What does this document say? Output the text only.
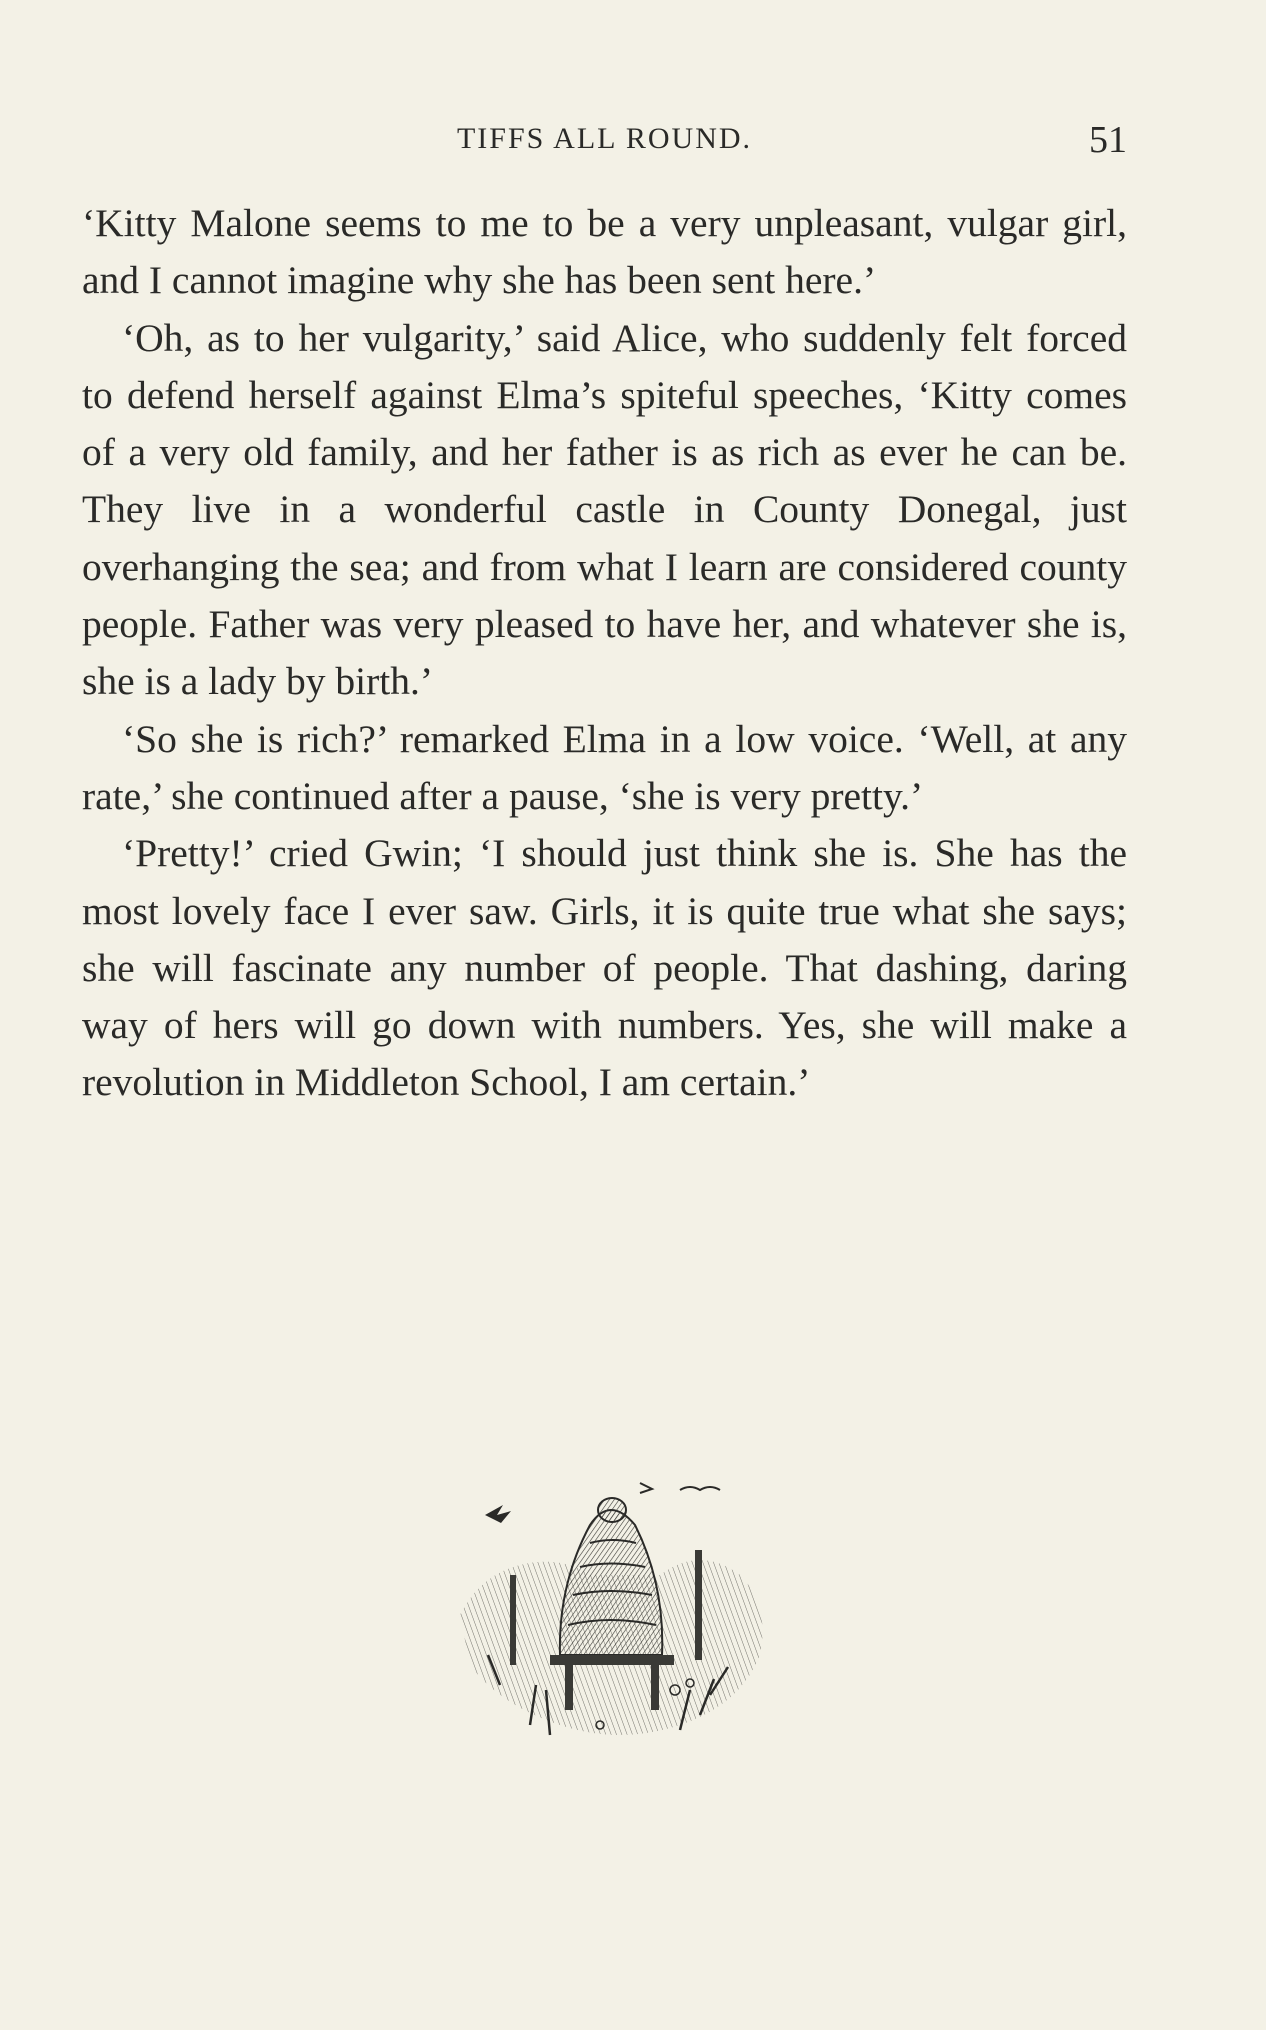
TIFFS ALL ROUND.	51

‘Kitty Malone seems to me to be a very unpleasant, vulgar girl, and I cannot imagine why she has been sent here.’

‘Oh, as to her vulgarity,’ said Alice, who suddenly felt forced to defend herself against Elma’s spiteful speeches, ‘Kitty comes of a very old family, and her father is as rich as ever he can be. They live in a wonderful castle in County Donegal, just overhanging the sea; and from what I learn are considered county people. Father was very pleased to have her, and whatever she is, she is a lady by birth.’

‘So she is rich?’ remarked Elma in a low voice. ‘Well, at any rate,’ she continued after a pause, ‘she is very pretty.’

‘Pretty!’ cried Gwin; ‘I should just think she is. She has the most lovely face I ever saw. Girls, it is quite true what she says; she will fascinate any number of people. That dashing, daring way of hers will go down with numbers. Yes, she will make a revolution in Middleton School, I am certain.’
